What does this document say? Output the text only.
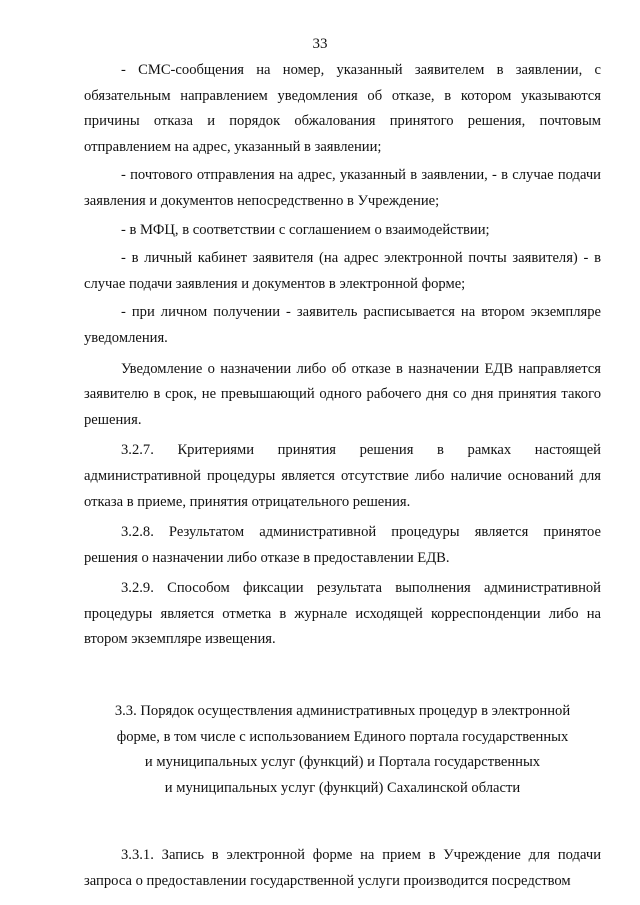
33

- СМС-сообщения на номер, указанный заявителем в заявлении, с обязательным направлением уведомления об отказе, в котором указываются причины отказа и порядок обжалования принятого решения, почтовым отправлением на адрес, указанный в заявлении;

- почтового отправления на адрес, указанный в заявлении, - в случае подачи заявления и документов непосредственно в Учреждение;

- в МФЦ, в соответствии с соглашением о взаимодействии;

- в личный кабинет заявителя (на адрес электронной почты заявителя) - в случае подачи заявления и документов в электронной форме;

- при личном получении - заявитель расписывается на втором экземпляре уведомления.

Уведомление о назначении либо об отказе в назначении ЕДВ направляется заявителю в срок, не превышающий одного рабочего дня со дня принятия такого решения.

3.2.7. Критериями принятия решения в рамках настоящей административной процедуры является отсутствие либо наличие оснований для отказа в приеме, принятия отрицательного решения.

3.2.8. Результатом административной процедуры является принятое решения о назначении либо отказе в предоставлении ЕДВ.

3.2.9. Способом фиксации результата выполнения административной процедуры является отметка в журнале исходящей корреспонденции либо на втором экземпляре извещения.

3.3. Порядок осуществления административных процедур в электронной
форме, в том числе с использованием Единого портала государственных
и муниципальных услуг (функций) и Портала государственных
и муниципальных услуг (функций) Сахалинской области

3.3.1. Запись в электронной форме на прием в Учреждение для подачи запроса о предоставлении государственной услуги производится посредством
